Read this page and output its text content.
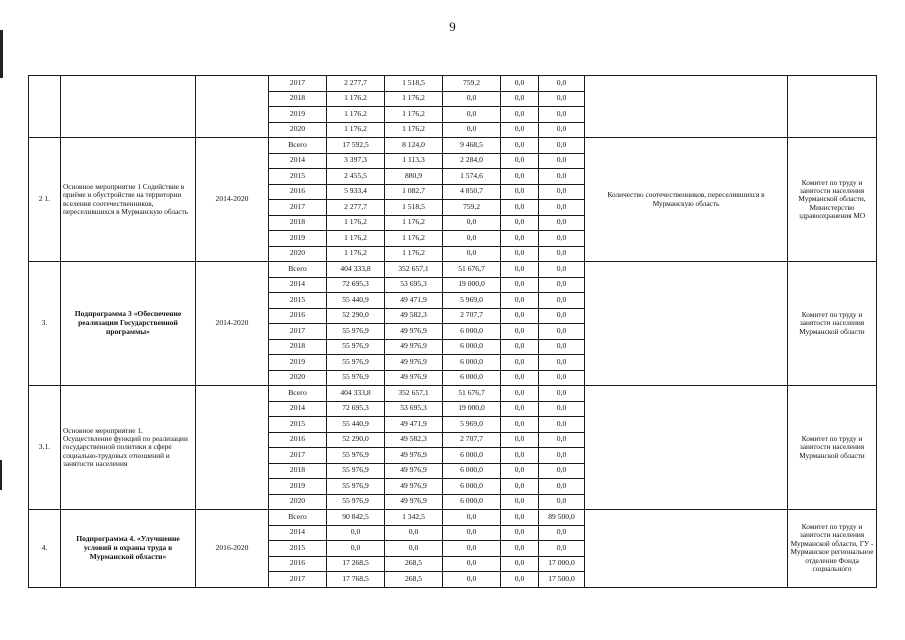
9
			2017	2 277,7	1 518,5	759,2	0,0	0,0		
			2018	1 176,2	1 176,2	0,0	0,0	0,0		
			2019	1 176,2	1 176,2	0,0	0,0	0,0		
			2020	1 176,2	1 176,2	0,0	0,0	0,0		
2 1.	Основное мероприятие 1 Содействие в приёме и обустройстве на территории вселения соотечественников, переселившихся в Мурманскую область	2014-2020	Всего	17 592,5	8 124,0	9 468,5	0,0	0,0	Количество соотечественников, переселившихся в Мурманскую область	Комитет по труду и занятости населения Мурманской области, Министерство здравоохранения МО
			2014	3 397,3	1 113,3	2 284,0	0,0	0,0		
			2015	2 455,5	880,9	1 574,6	0,0	0,0		
			2016	5 933,4	1 082,7	4 850,7	0,0	0,0		
			2017	2 277,7	1 518,5	759,2	0,0	0,0		
			2018	1 176,2	1 176,2	0,0	0,0	0,0		
			2019	1 176,2	1 176,2	0,0	0,0	0,0		
			2020	1 176,2	1 176,2	0,0	0,0	0,0		
3.	Подпрограмма 3 «Обеспечение реализации Государственной программы»	2014-2020	Всего	404 333,8	352 657,1	51 676,7	0,0	0,0		Комитет по труду и занятости населения Мурманской области
			2014	72 695,3	53 695,3	19 000,0	0,0	0,0		
			2015	55 440,9	49 471,9	5 969,0	0,0	0,0		
			2016	52 290,0	49 582,3	2 707,7	0,0	0,0		
			2017	55 976,9	49 976,9	6 000,0	0,0	0,0		
			2018	55 976,9	49 976,9	6 000,0	0,0	0,0		
			2019	55 976,9	49 976,9	6 000,0	0,0	0,0		
			2020	55 976,9	49 976,9	6 000,0	0,0	0,0		
3.1.	Основное мероприятие 1. Осуществление функций по реализации государственной политики в сфере социально-трудовых отношений и занятости населения		Всего	404 333,8	352 657,1	51 676,7	0,0	0,0		Комитет по труду и занятости населения Мурманской области
			2014	72 695,3	53 695,3	19 000,0	0,0	0,0		
			2015	55 440,9	49 471,9	5 969,0	0,0	0,0		
			2016	52 290,0	49 582,3	2 707,7	0,0	0,0		
			2017	55 976,9	49 976,9	6 000,0	0,0	0,0		
			2018	55 976,9	49 976,9	6 000,0	0,0	0,0		
			2019	55 976,9	49 976,9	6 000,0	0,0	0,0		
			2020	55 976,9	49 976,9	6 000,0	0,0	0,0		
4.	Подпрограмма 4. «Улучшение условий и охраны труда в Мурманской области»	2016-2020	Всего	90 842,5	1 342,5	0,0	0,0	89 500,0		Комитет по труду и занятости населения Мурманской области, ГУ - Мурманское региональное отделение Фонда социального
			2014	0,0	0,0	0,0	0,0	0,0		
			2015	0,0	0,0	0,0	0,0	0,0		
			2016	17 268,5	268,5	0,0	0,0	17 000,0		
			2017	17 768,5	268,5	0,0	0,0	17 500,0		
